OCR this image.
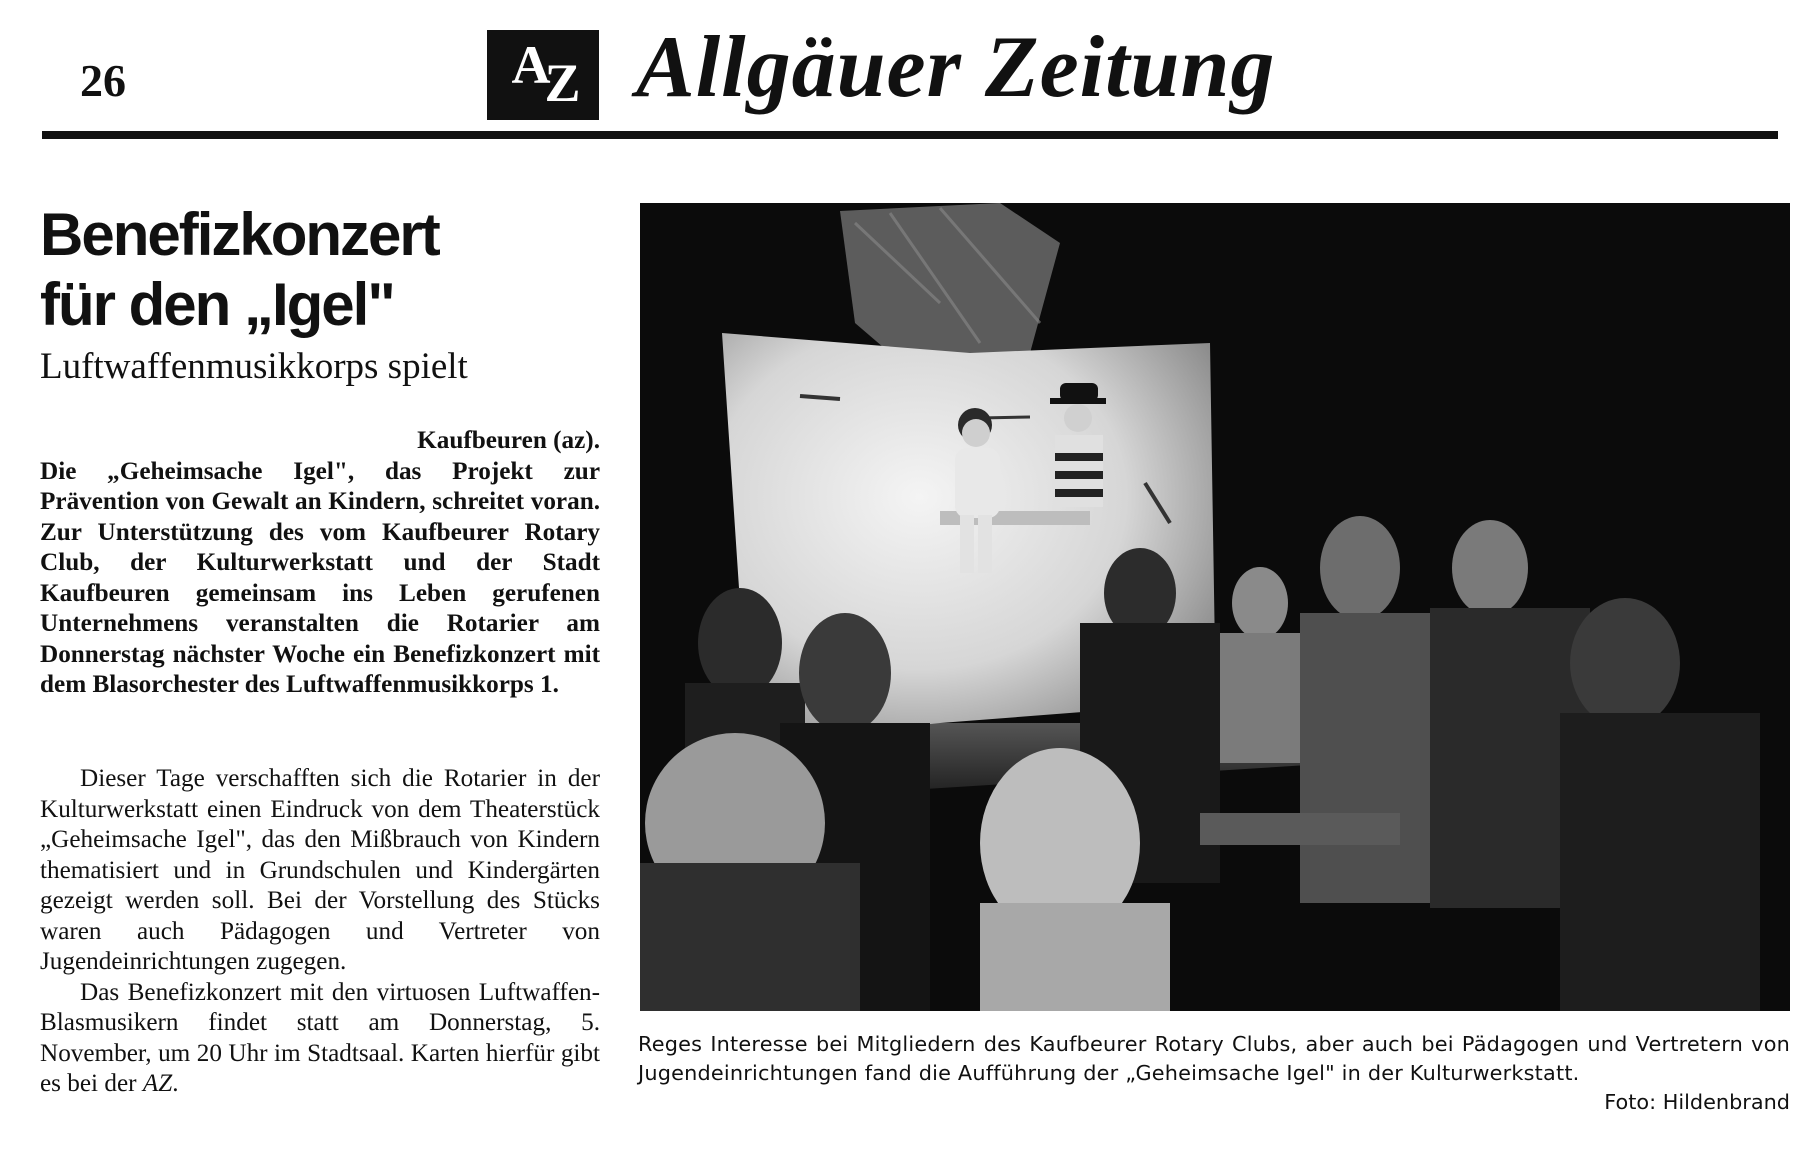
26	A Z Allgäuer Zeitung
Benefizkonzert
für den „Igel"
Luftwaffenmusikkorps spielt
Kaufbeuren (az).
Die „Geheimsache Igel", das Projekt zur Prävention von Gewalt an Kindern, schreitet voran. Zur Unterstützung des vom Kaufbeurer Rotary Club, der Kulturwerkstatt und der Stadt Kaufbeuren gemeinsam ins Leben gerufenen Unternehmens veranstalten die Rotarier am Donnerstag nächster Woche ein Benefizkonzert mit dem Blasorchester des Luftwaffenmusikkorps 1.

Dieser Tage verschafften sich die Rotarier in der Kulturwerkstatt einen Eindruck von dem Theaterstück „Geheimsache Igel", das den Mißbrauch von Kindern thematisiert und in Grundschulen und Kindergärten gezeigt werden soll. Bei der Vorstellung des Stücks waren auch Pädagogen und Vertreter von Jugendeinrichtungen zugegen.

Das Benefizkonzert mit den virtuosen Luftwaffen-Blasmusikern findet statt am Donnerstag, 5. November, um 20 Uhr im Stadtsaal. Karten hierfür gibt es bei der AZ.

Reges Interesse bei Mitgliedern des Kaufbeurer Rotary Clubs, aber auch bei Pädagogen und Vertretern von Jugendeinrichtungen fand die Aufführung der „Geheimsache Igel" in der Kulturwerkstatt.
Foto: Hildenbrand
